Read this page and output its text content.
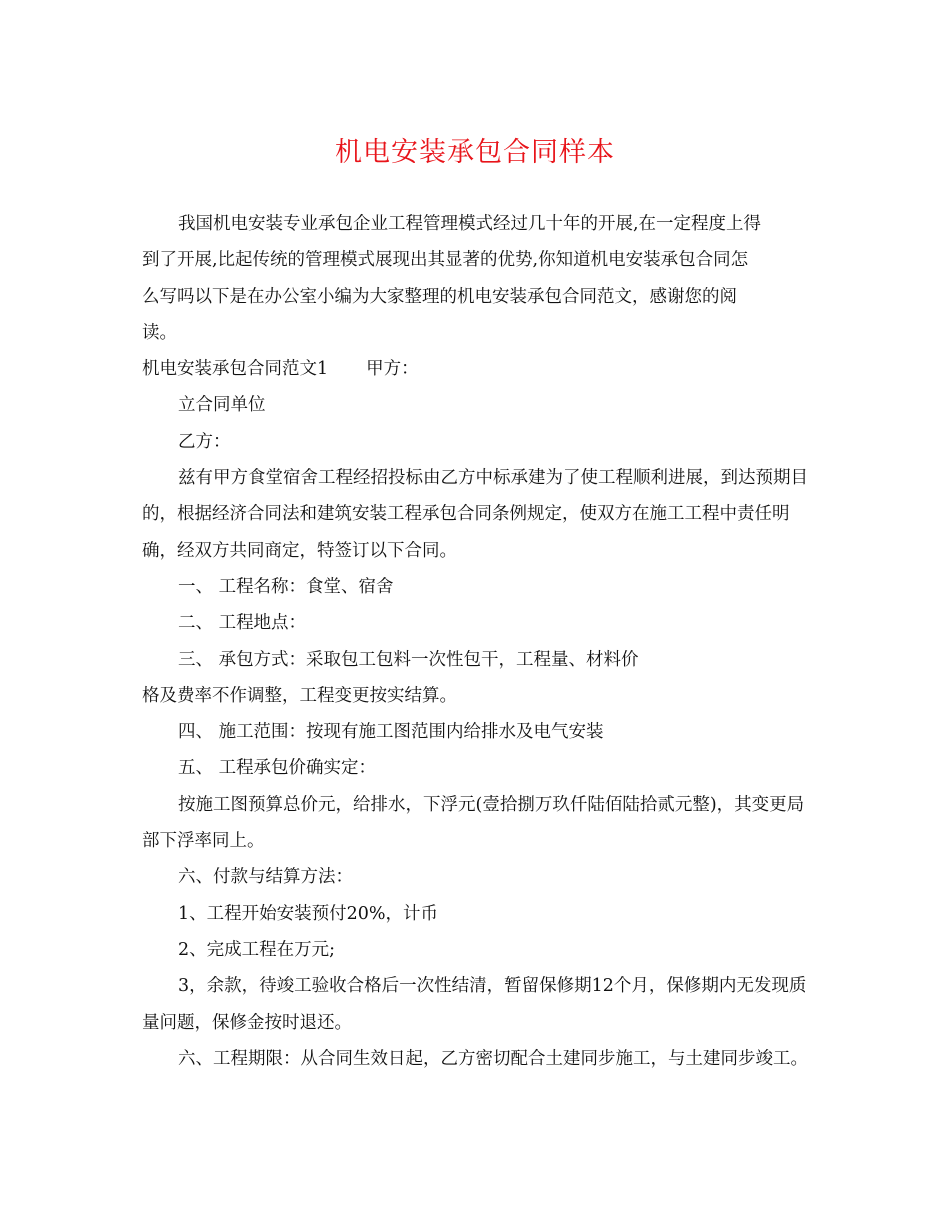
机电安装承包合同样本

我国机电安装专业承包企业工程管理模式经过几十年的开展,在一定程度上得

到了开展,比起传统的管理模式展现出其显著的优势,你知道机电安装承包合同怎

么写吗以下是在办公室小编为大家整理的机电安装承包合同范文，感谢您的阅

读。

机电安装承包合同范文1 甲方：

立合同单位

乙方：

兹有甲方食堂宿舍工程经招投标由乙方中标承建为了使工程顺利进展，到达预期目的，根据经济合同法和建筑安装工程承包合同条例规定，使双方在施工工程中责任明确，经双方共同商定，特签订以下合同。

一、 工程名称：食堂、宿舍

二、 工程地点：

三、 承包方式：采取包工包料一次性包干，工程量、材料价

格及费率不作调整，工程变更按实结算。

四、 施工范围：按现有施工图范围内给排水及电气安装

五、 工程承包价确实定：

按施工图预算总价元，给排水，下浮元(壹拾捌万玖仟陆佰陆拾贰元整)，其变更局部下浮率同上。

六、付款与结算方法：

1、工程开始安装预付20%，计币

2、完成工程在万元;

3，余款，待竣工验收合格后一次性结清，暂留保修期12个月，保修期内无发现质量问题，保修金按时退还。

六、工程期限：从合同生效日起，乙方密切配合土建同步施工，与土建同步竣工。
